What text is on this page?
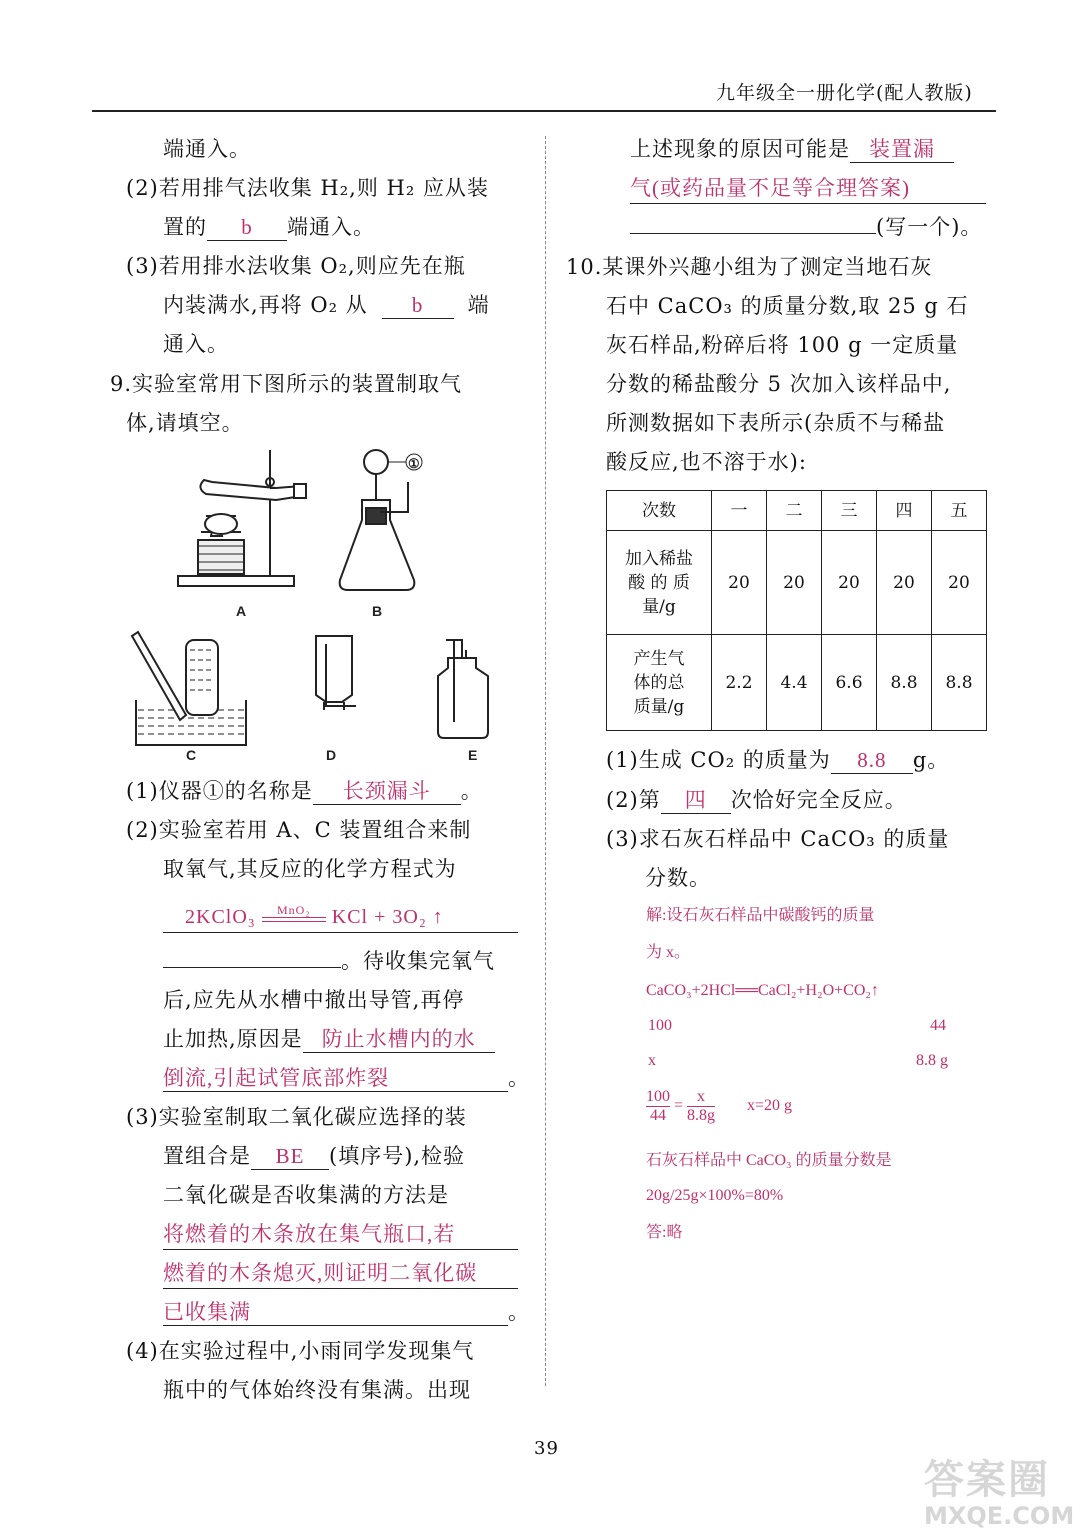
九年级全一册化学(配人教版)
端通入。
(2)若用排气法收集 H₂,则 H₂ 应从装
置的 b 端通入。
(3)若用排水法收集 O₂,则应先在瓶
内装满水,再将 O₂ 从 b 端
通入。
9.实验室常用下图所示的装置制取气
体,请填空。
A	B
C	D	E
①
(1)仪器①的名称是 长颈漏斗 。
(2)实验室若用 A、C 装置组合来制
取氧气,其反应的化学方程式为
2KClO₃	MnO₂	KCl + 3O₂ ↑
。待收集完氧气
后,应先从水槽中撤出导管,再停
止加热,原因是 防止水槽内的水
倒流,引起试管底部炸裂	。
(3)实验室制取二氧化碳应选择的装
置组合是 BE (填序号),检验
二氧化碳是否收集满的方法是
将燃着的木条放在集气瓶口,若
燃着的木条熄灭,则证明二氧化碳
已收集满	。
(4)在实验过程中,小雨同学发现集气
瓶中的气体始终没有集满。出现
上述现象的原因可能是 装置漏
气(或药品量不足等合理答案)
(写一个)。
10.某课外兴趣小组为了测定当地石灰
石中 CaCO₃ 的质量分数,取 25 g 石
灰石样品,粉碎后将 100 g 一定质量
分数的稀盐酸分 5 次加入该样品中,
所测数据如下表所示(杂质不与稀盐
酸反应,也不溶于水):
次数	一	二	三	四	五

加入稀盐
酸 的 质
量/g	20	20	20	20	20

产生气
体的总
质量/g	2.2	4.4	6.6	8.8	8.8
(1)生成 CO₂ 的质量为 8.8 g。
(2)第 四 次恰好完全反应。
(3)求石灰石样品中 CaCO₃ 的质量
分数。
解:设石灰石样品中碳酸钙的质量
为 x。
CaCO₃+2HCl══CaCl₂+H₂O+CO₂↑
100	44
x	8.8 g
$\frac{100}{44} = \frac{x}{8.8g} x=20$ g
石灰石样品中 CaCO₃ 的质量分数是
20g/25g×100%=80%
答:略
39
答案圈
MXQE.COM
